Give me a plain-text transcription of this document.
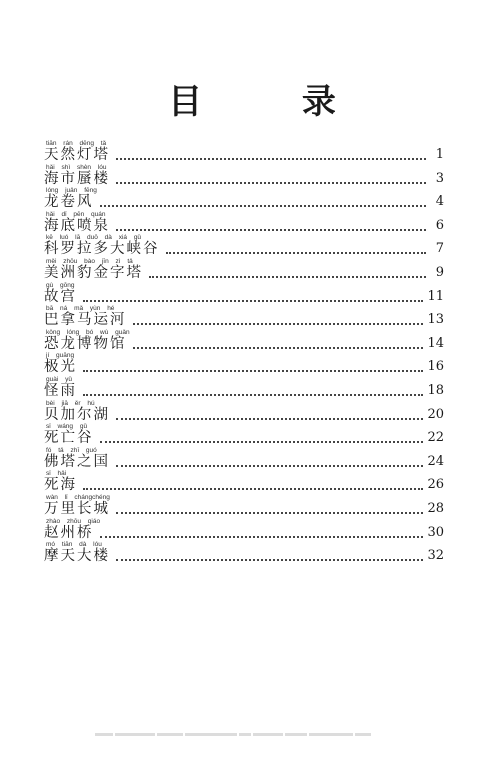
目 录
tiān rán dēng tǎ
天然灯塔	1
hǎi shì shèn lóu
海市蜃楼	3
lóng juǎn fēng
龙卷风	4
hǎi dǐ pēn quán
海底喷泉	6
kē luó lā duō dà xiá gǔ
科罗拉多大峡谷	7
měi zhōu bào jīn zì tǎ
美洲豹金字塔	9
gù gōng
故宫	11
bā ná mǎ yùn hé
巴拿马运河	13
kǒng lóng bó wù guǎn
恐龙博物馆	14
jí guāng
极光	16
guài yǔ
怪雨	18
bèi jiā ěr hú
贝加尔湖	20
sǐ wáng gǔ
死亡谷	22
fó tǎ zhī guó
佛塔之国	24
sǐ hǎi
死海	26
wàn lǐ chángchéng
万里长城	28
zhào zhōu qiáo
赵州桥	30
mó tiān dà lóu
摩天大楼	32
